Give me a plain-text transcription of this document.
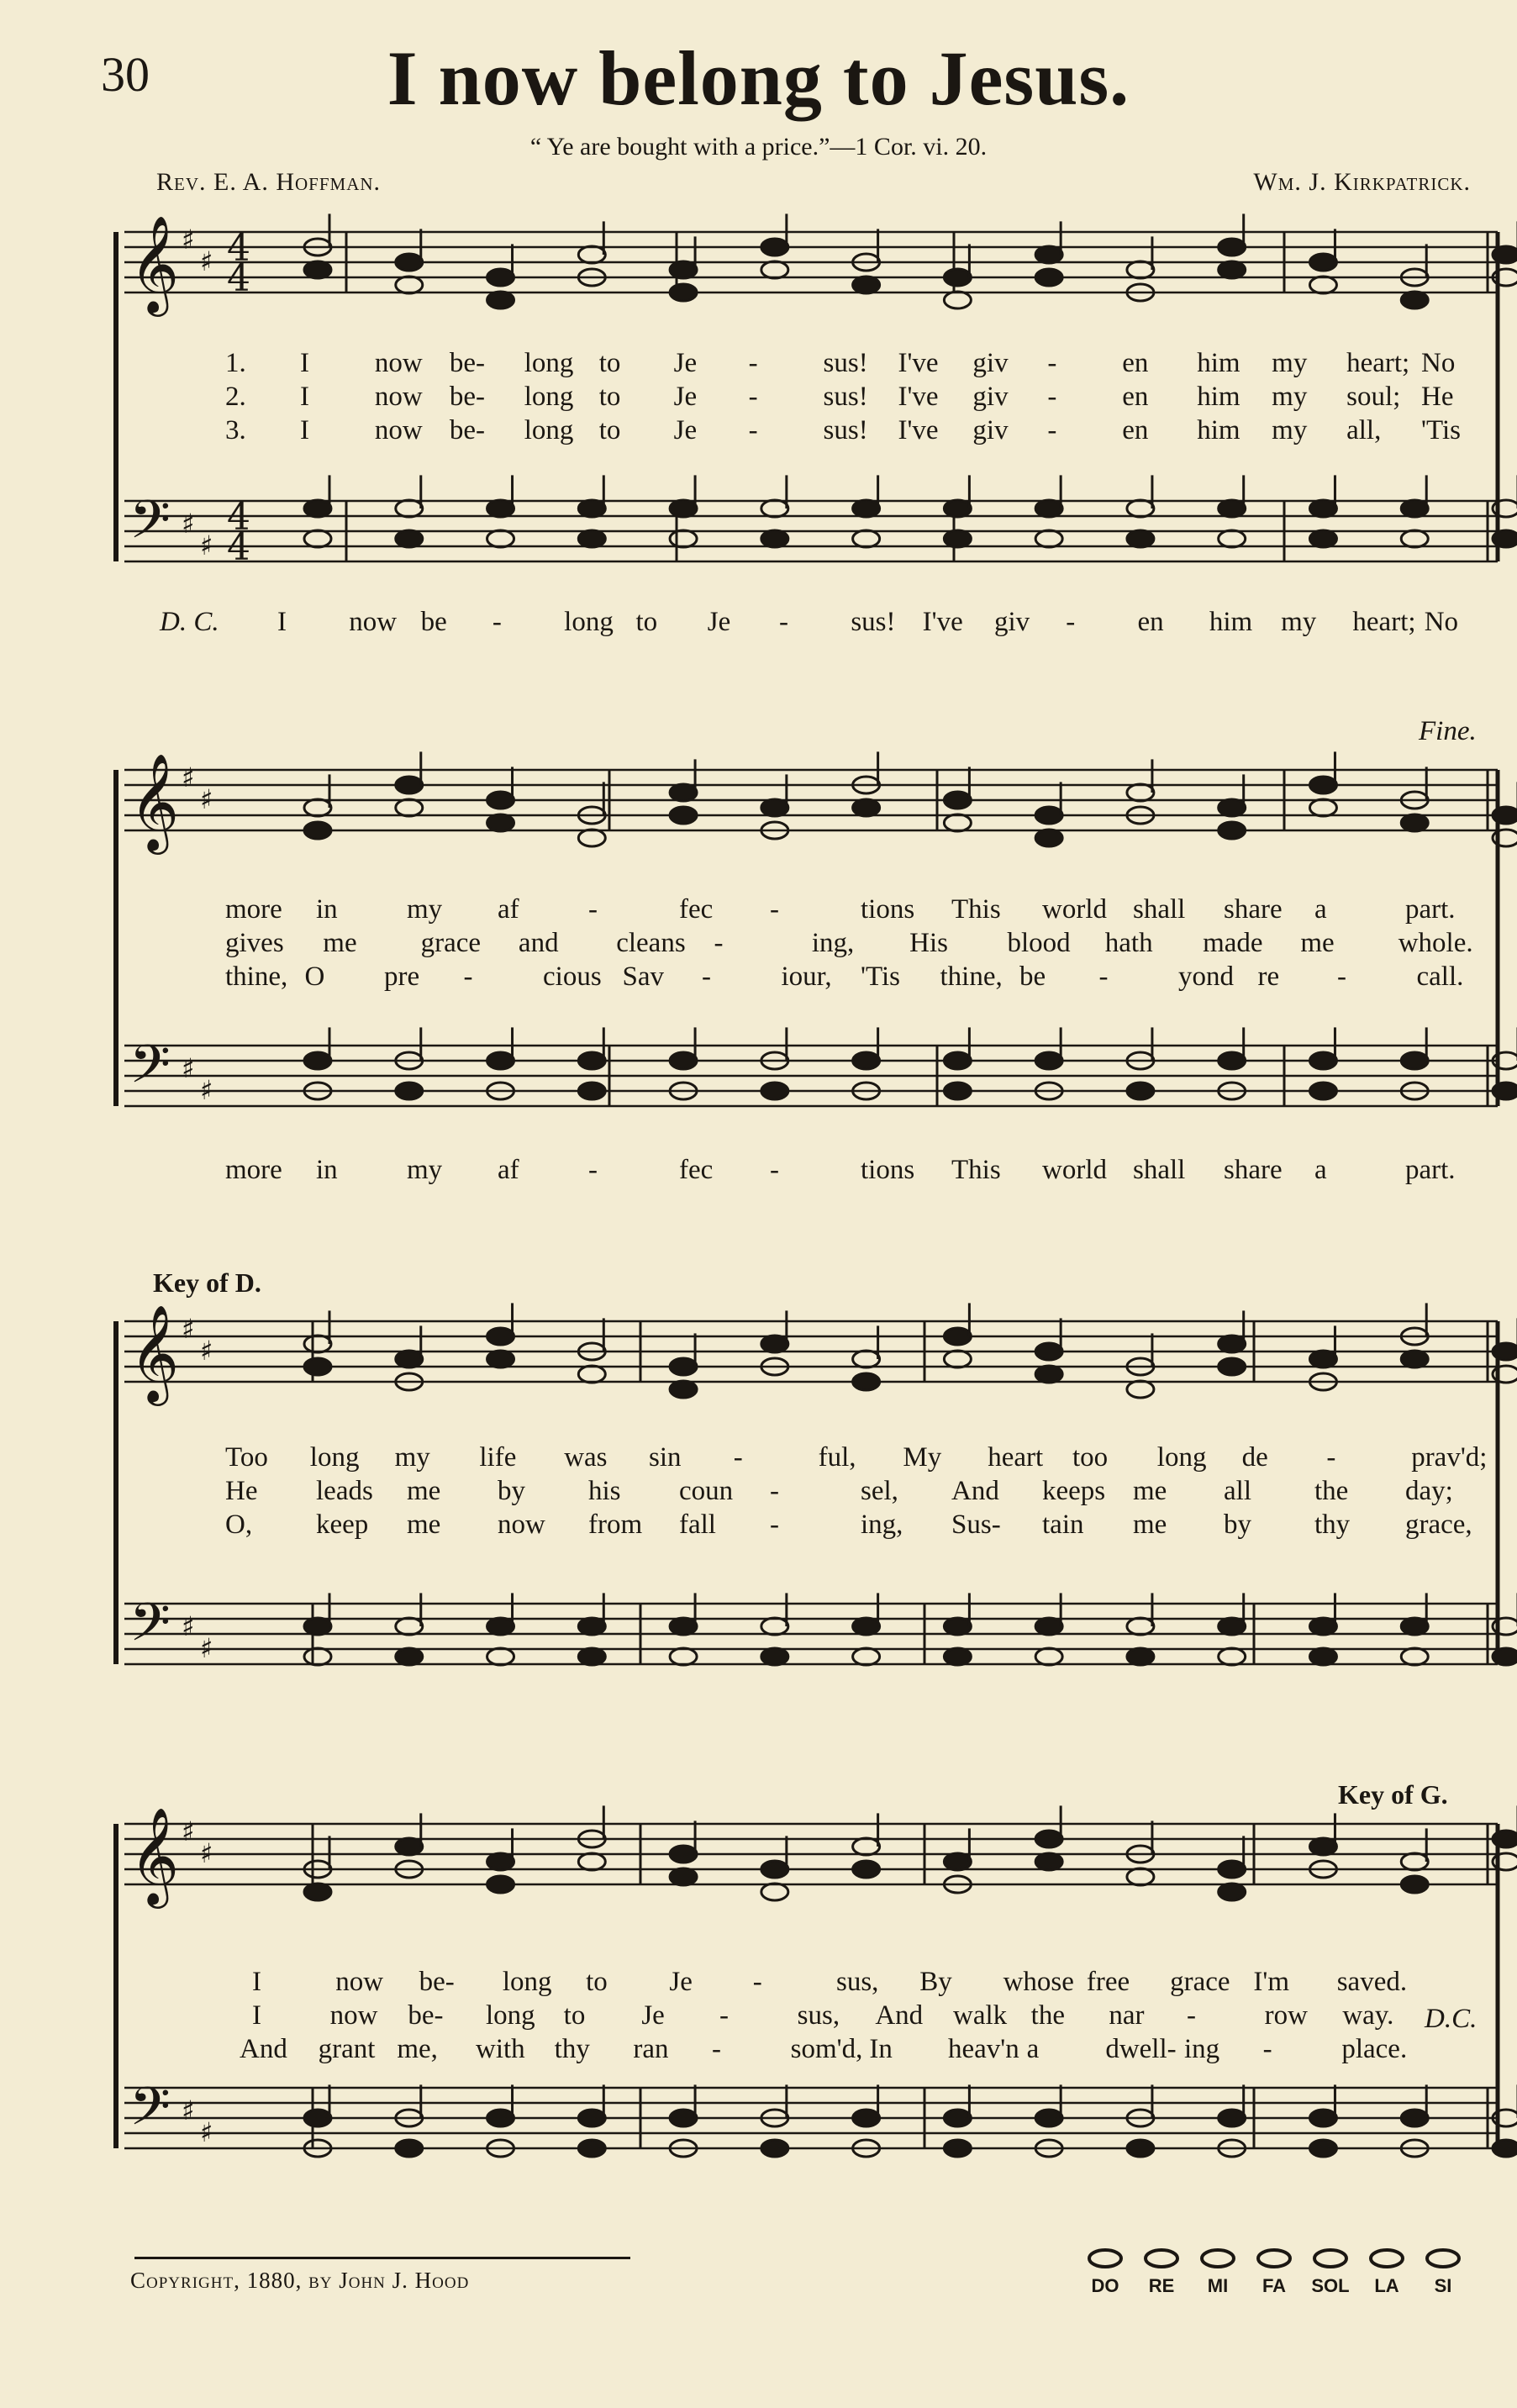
30	I now belong to Jesus.
“ Ye are bought with a price.”—1 Cor. vi. 20.
Rev. E. A. Hoffman.	Wm. J. Kirkpatrick.
𝄞
𝄢
♯
♯
♯
♯
𝄞
𝄢
♯
♯
♯
♯
𝄞
𝄢
♯
♯
♯
♯
𝄞
𝄢
♯
♯
♯
♯
4
4
4
4
D. C.
Fine.
Key of D.
Key of G.
D.C.
1. I now be- long to Je - sus! I've giv - en him my heart; No
2. I now be- long to Je - sus! I've giv - en him my soul; He
3. I now be- long to Je - sus! I've giv - en him my all, 'Tis
I now be - long to Je - sus! I've giv - en him my heart; No
more in my af -	fec -	tions This world shall share a	part.
gives me grace and cleans -	ing, His blood hath made me whole.
thine, O pre -	cious Sav -	iour, 'Tis thine, be -	yond re -	call.
more in my af -	fec -	tions This world shall share a	part.
Too long my life was sin -	ful, My heart too long de -	prav'd;
He leads me by his coun -	sel, And keeps me all the day;
O, keep me now from fall -	ing, Sus- tain me by thy grace,
I	now be- long to Je -	sus, By whose free grace I'm saved.
I now be- long to Je - sus, And walk the nar - row way.
And grant me, with thy ran -	som'd, In heav'n a dwell- ing -	place.
Copyright, 1880, by John J. Hood	DO	RE	MI	FA	SOL	LA	SI
